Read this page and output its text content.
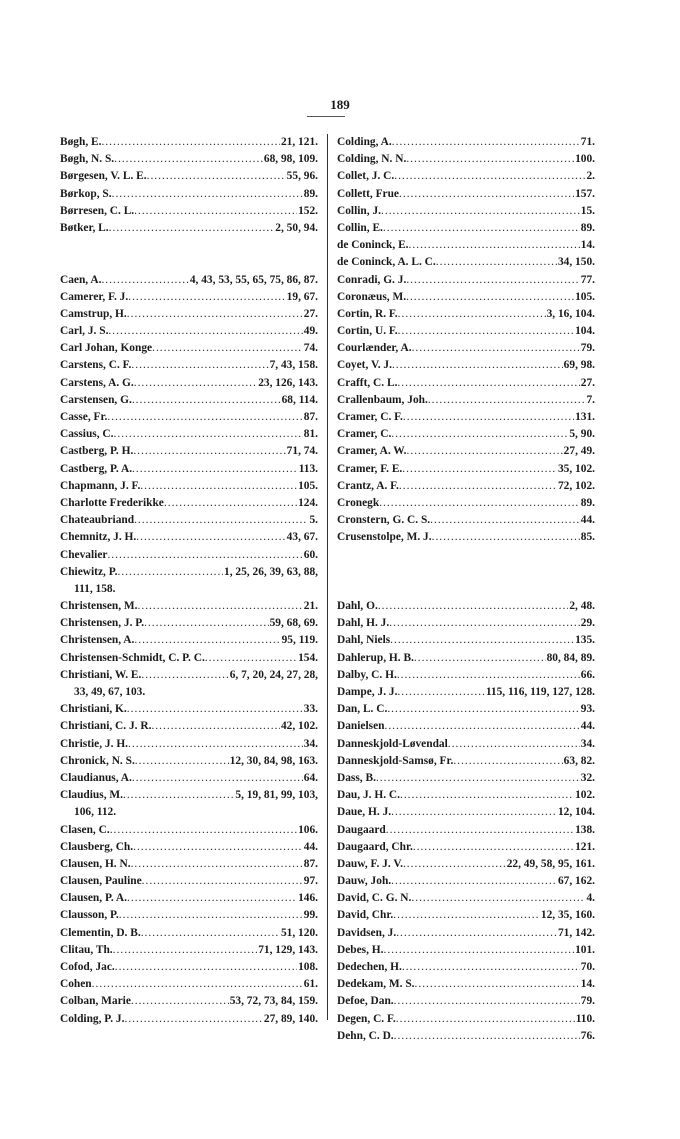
189
Bøgh, E. .....	21, 121.
Bøgh, N. S. .....	68, 98, 109.
Børgesen, V. L. E. .....	55, 96.
Børkop, S. .....	89.
Børresen, C. L. .....	152.
Bøtker, L. .....	2, 50, 94.
Caen, A. .....	4, 43, 53, 55, 65, 75, 86, 87.
Camerer, F. J. .....	19, 67.
Camstrup, H. .....	27.
Carl, J. S. .....	49.
Carl Johan, Konge .....	74.
Carstens, C. F. .....	7, 43, 158.
Carstens, A. G. .....	23, 126, 143.
Carstensen, G. .....	68, 114.
Casse, Fr. .....	87.
Cassius, C. .....	81.
Castberg, P. H. .....	71, 74.
Castberg, P. A. .....	113.
Chapmann, J. F. .....	105.
Charlotte Frederikke .....	124.
Chateaubriand .....	5.
Chemnitz, J. H. .....	43, 67.
Chevalier .....	60.
Chiewitz, P. .....	1, 25, 26, 39, 63, 88,
111, 158.
Christensen, M. .....	21.
Christensen, J. P. .....	59, 68, 69.
Christensen, A. .....	95, 119.
Christensen-Schmidt, C. P. C. .....	154.
Christiani, W. E. .....	6, 7, 20, 24, 27, 28,
33, 49, 67, 103.
Christiani, K. .....	33.
Christiani, C. J. R. .....	42, 102.
Christie, J. H. .....	34.
Chronick, N. S. .....	12, 30, 84, 98, 163.
Claudianus, A. .....	64.
Claudius, M. .....	5, 19, 81, 99, 103,
106, 112.
Clasen, C. .....	106.
Clausberg, Ch. .....	44.
Clausen, H. N. .....	87.
Clausen, Pauline .....	97.
Clausen, P. A. .....	146.
Clausson, P. .....	99.
Clementin, D. B. .....	51, 120.
Clitau, Th. .....	71, 129, 143.
Cofod, Jac. .....	108.
Cohen .....	61.
Colban, Marie .....	53, 72, 73, 84, 159.
Colding, P. J. .....	27, 89, 140.
Colding, A. .....	71.
Colding, N. N. .....	100.
Collet, J. C. .....	2.
Collett, Frue .....	157.
Collin, J. .....	15.
Collin, E. .....	89.
de Coninck, E. .....	14.
de Coninck, A. L. C. .....	34, 150.
Conradi, G. J. .....	77.
Coronæus, M. .....	105.
Cortin, R. F. .....	3, 16, 104.
Cortin, U. F. .....	104.
Courlænder, A. .....	79.
Coyet, V. J. .....	69, 98.
Crafft, C. L. .....	27.
Crallenbaum, Joh. .....	7.
Cramer, C. F. .....	131.
Cramer, C. .....	5, 90.
Cramer, A. W. .....	27, 49.
Cramer, F. E. .....	35, 102.
Crantz, A. F. .....	72, 102.
Cronegk .....	89.
Cronstern, G. C. S. .....	44.
Crusenstolpe, M. J. .....	85.
Dahl, O. .....	2, 48.
Dahl, H. J. .....	29.
Dahl, Niels .....	135.
Dahlerup, H. B. .....	80, 84, 89.
Dalby, C. H. .....	66.
Dampe, J. J. .....	115, 116, 119, 127, 128.
Dan, L. C. .....	93.
Danielsen .....	44.
Danneskjold-Løvendal .....	34.
Danneskjold-Samsø, Fr. .....	63, 82.
Dass, B. .....	32.
Dau, J. H. C. .....	102.
Daue, H. J. .....	12, 104.
Daugaard .....	138.
Daugaard, Chr. .....	121.
Dauw, F. J. V. .....	22, 49, 58, 95, 161.
Dauw, Joh. .....	67, 162.
David, C. G. N. .....	4.
David, Chr. .....	12, 35, 160.
Davidsen, J. .....	71, 142.
Debes, H. .....	101.
Dedechen, H. .....	70.
Dedekam, M. S. .....	14.
Defoe, Dan. .....	79.
Degen, C. F. .....	110.
Dehn, C. D. .....	76.
